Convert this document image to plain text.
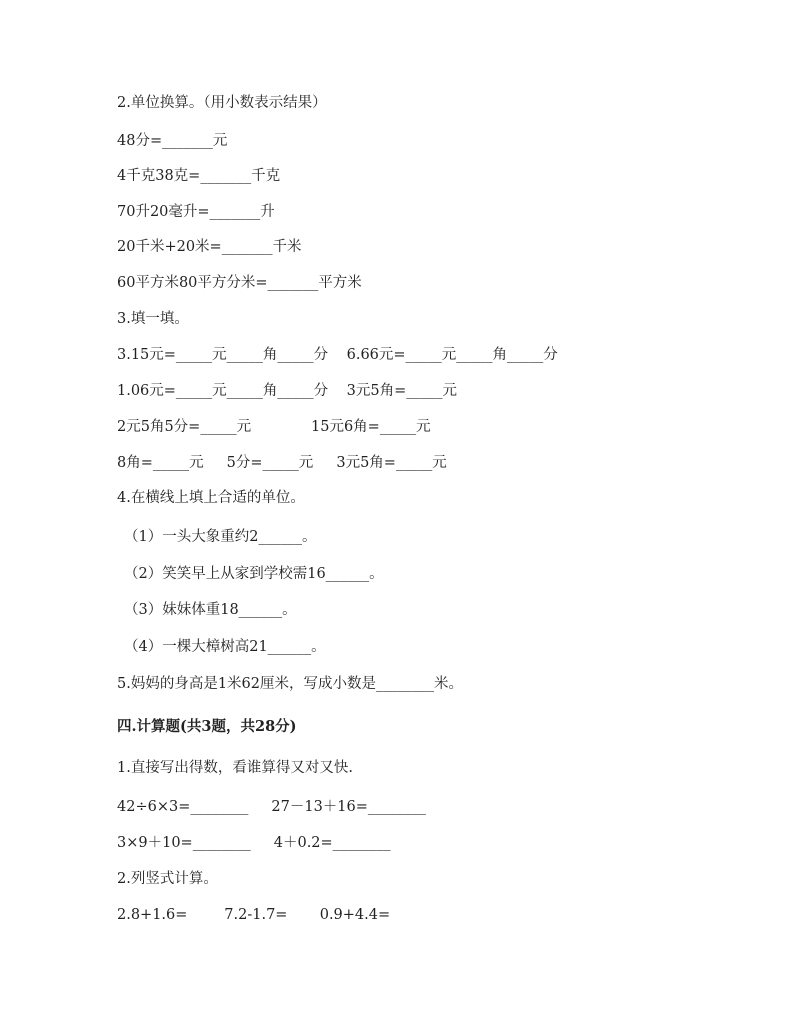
2.单位换算。（用小数表示结果）
48分=_______元
4千克38克=_______千克
70升20毫升=_______升
20千米+20米=_______千米
60平方米80平方分米=_______平方米
3.填一填。
3.15元=_____元_____角_____分    6.66元=_____元_____角_____分
1.06元=_____元_____角_____分    3元5角=_____元
2元5角5分=_____元             15元6角=_____元
8角=_____元     5分=_____元     3元5角=_____元
4.在横线上填上合适的单位。
（1）一头大象重约2______。
（2）笑笑早上从家到学校需16______。
（3）妹妹体重18______。
（4）一棵大樟树高21______。
5.妈妈的身高是1米62厘米，写成小数是________米。
四.计算题(共3题，共28分)
1.直接写出得数，看谁算得又对又快.
42÷6×3=________     27－13＋16=________
3×9＋10=________     4＋0.2=________
2.列竖式计算。
2.8+1.6=        7.2-1.7=       0.9+4.4=
